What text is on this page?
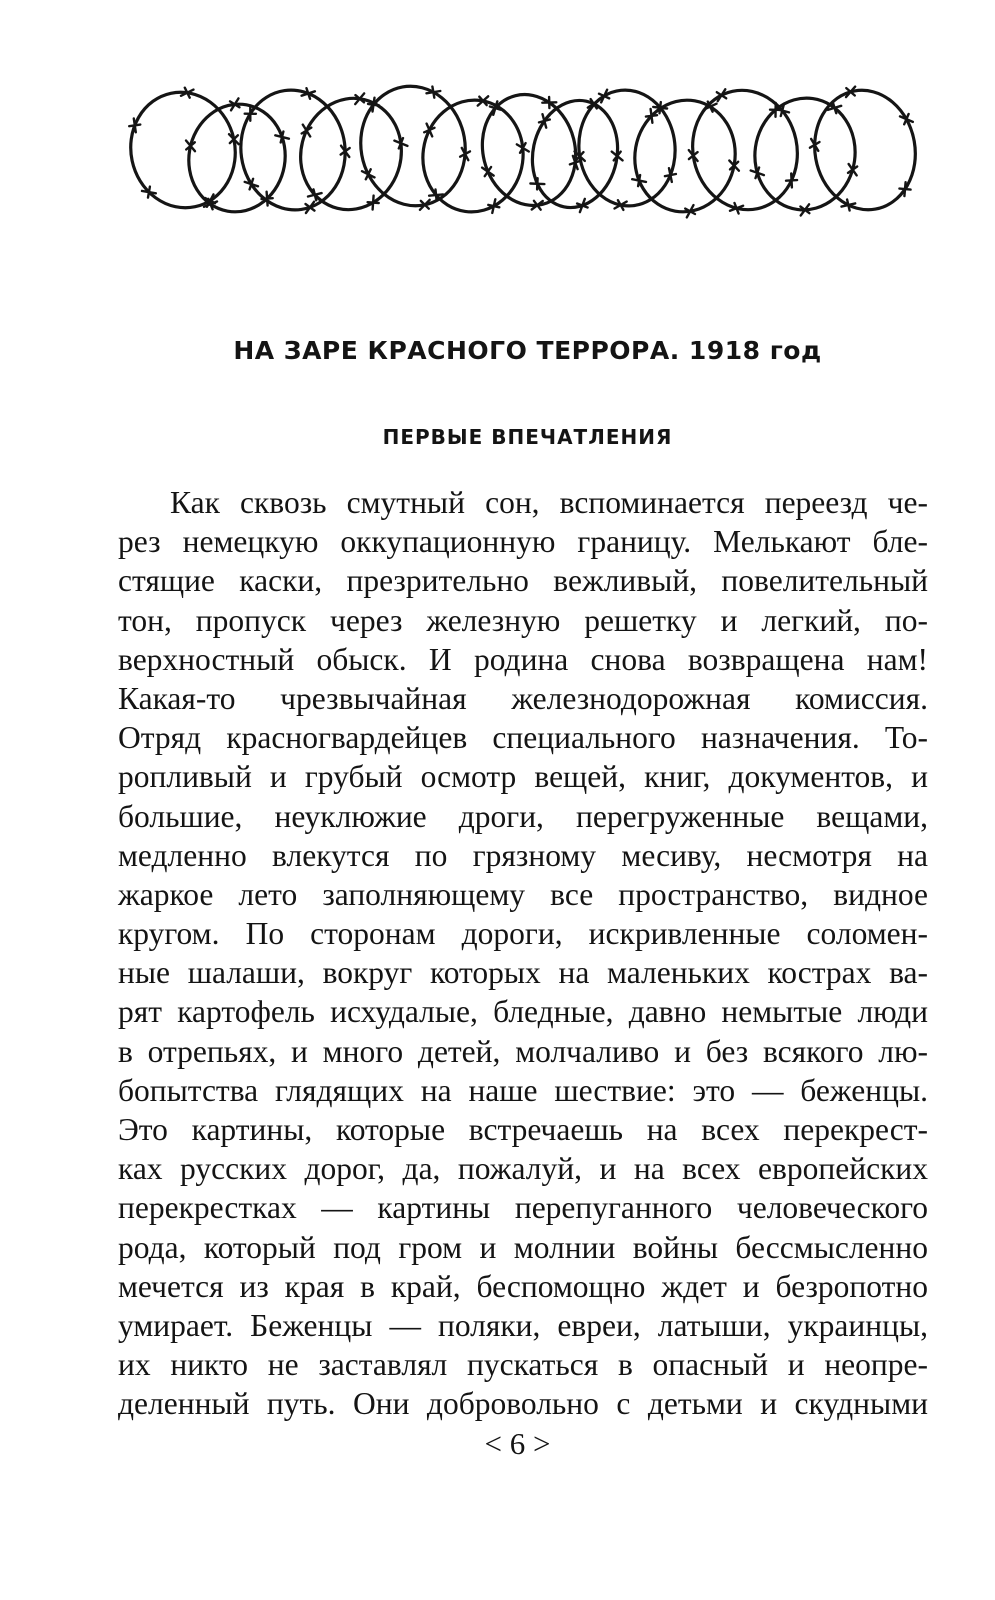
НА ЗАРЕ КРАСНОГО ТЕРРОРА. 1918 год
ПЕРВЫЕ ВПЕЧАТЛЕНИЯ
Как сквозь смутный сон, вспоминается переезд че-
рез немецкую оккупационную границу. Мелькают бле-
стящие каски, презрительно вежливый, повелительный
тон, пропуск через железную решетку и легкий, по-
верхностный обыск. И родина снова возвращена нам!
Какая-то чрезвычайная железнодорожная комиссия.
Отряд красногвардейцев специального назначения. То-
ропливый и грубый осмотр вещей, книг, документов, и
большие, неуклюжие дроги, перегруженные вещами,
медленно влекутся по грязному месиву, несмотря на
жаркое лето заполняющему все пространство, видное
кругом. По сторонам дороги, искривленные соломен-
ные шалаши, вокруг которых на маленьких кострах ва-
рят картофель исхудалые, бледные, давно немытые люди
в отрепьях, и много детей, молчаливо и без всякого лю-
бопытства глядящих на наше шествие: это — беженцы.
Это картины, которые встречаешь на всех перекрест-
ках русских дорог, да, пожалуй, и на всех европейских
перекрестках — картины перепуганного человеческого
рода, который под гром и молнии войны бессмысленно
мечется из края в край, беспомощно ждет и безропотно
умирает. Беженцы — поляки, евреи, латыши, украинцы,
их никто не заставлял пускаться в опасный и неопре-
деленный путь. Они добровольно с детьми и скудными
< 6 >
